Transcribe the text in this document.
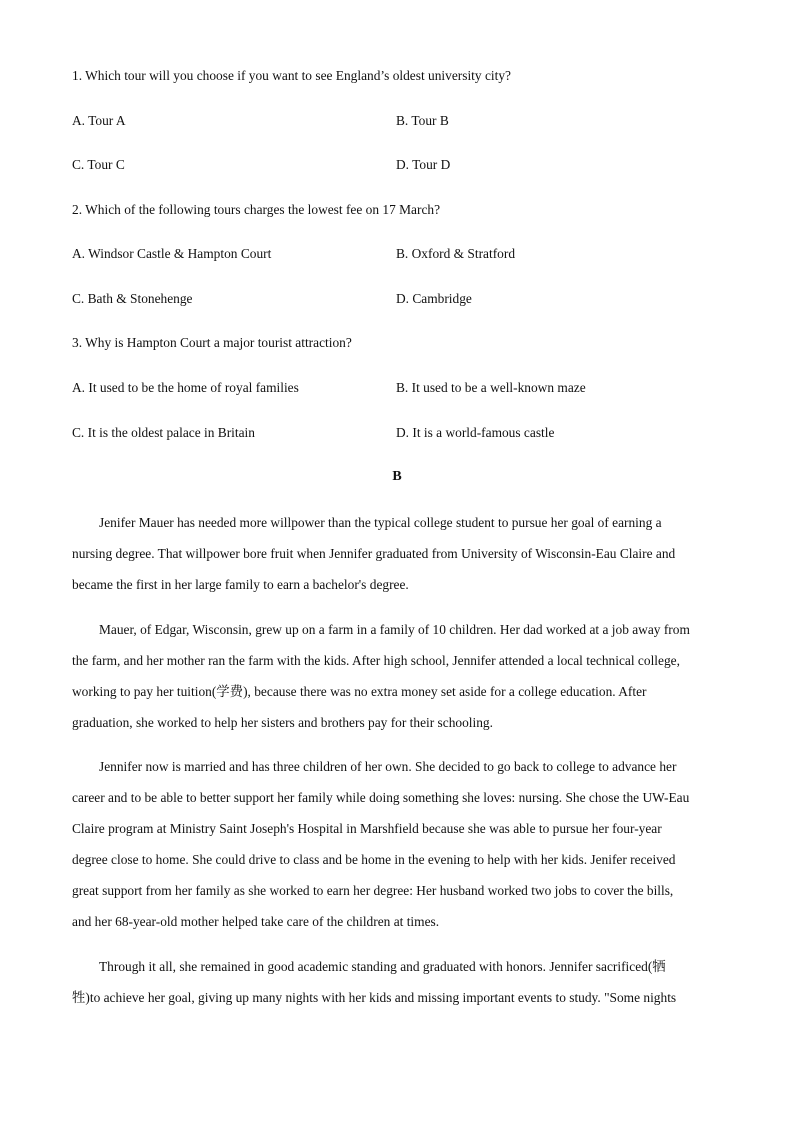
1. Which tour will you choose if you want to see England’s oldest university city?
A. Tour A	B. Tour B
C. Tour C	D. Tour D
2. Which of the following tours charges the lowest fee on 17 March?
A. Windsor Castle & Hampton Court	B. Oxford & Stratford
C. Bath & Stonehenge	D. Cambridge
3. Why is Hampton Court a major tourist attraction?
A. It used to be the home of royal families	B. It used to be a well-known maze
C. It is the oldest palace in Britain	D. It is a world-famous castle
B

Jenifer Mauer has needed more willpower than the typical college student to pursue her goal of earning a
nursing degree. That willpower bore fruit when Jennifer graduated from University of Wisconsin-Eau Claire and
became the first in her large family to earn a bachelor's degree.

Mauer, of Edgar, Wisconsin, grew up on a farm in a family of 10 children. Her dad worked at a job away from
the farm, and her mother ran the farm with the kids. After high school, Jennifer attended a local technical college,
working to pay her tuition(学费), because there was no extra money set aside for a college education. After
graduation, she worked to help her sisters and brothers pay for their schooling.

Jennifer now is married and has three children of her own. She decided to go back to college to advance her
career and to be able to better support her family while doing something she loves: nursing. She chose the UW-Eau
Claire program at Ministry Saint Joseph's Hospital in Marshfield because she was able to pursue her four-year
degree close to home. She could drive to class and be home in the evening to help with her kids. Jenifer received
great support from her family as she worked to earn her degree: Her husband worked two jobs to cover the bills,
and her 68-year-old mother helped take care of the children at times.

Through it all, she remained in good academic standing and graduated with honors. Jennifer sacrificed(牺
牲)to achieve her goal, giving up many nights with her kids and missing important events to study. "Some nights
